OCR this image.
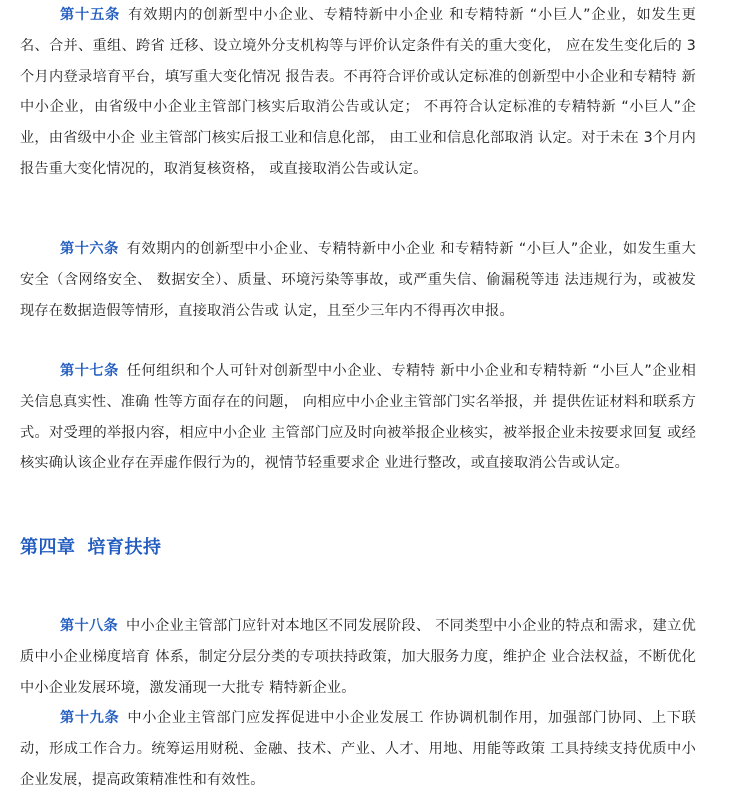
第十五条 有效期内的创新型中小企业、专精特新中小企业 和专精特新 “小巨人”企业，如发生更名、合并、重组、跨省 迁移、设立境外分支机构等与评价认定条件有关的重大变化， 应在发生变化后的 3个月内登录培育平台，填写重大变化情况 报告表。不再符合评价或认定标准的创新型中小企业和专精特 新中小企业，由省级中小企业主管部门核实后取消公告或认定； 不再符合认定标准的专精特新 “小巨人”企业，由省级中小企 业主管部门核实后报工业和信息化部， 由工业和信息化部取消 认定。对于未在 3个月内报告重大变化情况的，取消复核资格， 或直接取消公告或认定。

第十六条 有效期内的创新型中小企业、专精特新中小企业 和专精特新 “小巨人”企业，如发生重大安全（含网络安全、 数据安全）、质量、环境污染等事故，或严重失信、偷漏税等违 法违规行为，或被发现存在数据造假等情形，直接取消公告或 认定，且至少三年内不得再次申报。

第十七条 任何组织和个人可针对创新型中小企业、专精特 新中小企业和专精特新 “小巨人”企业相关信息真实性、准确 性等方面存在的问题， 向相应中小企业主管部门实名举报，并 提供佐证材料和联系方式。对受理的举报内容，相应中小企业 主管部门应及时向被举报企业核实，被举报企业未按要求回复 或经核实确认该企业存在弄虚作假行为的，视情节轻重要求企 业进行整改，或直接取消公告或认定。

第四章 培育扶持

第十八条 中小企业主管部门应针对本地区不同发展阶段、 不同类型中小企业的特点和需求，建立优质中小企业梯度培育 体系，制定分层分类的专项扶持政策，加大服务力度，维护企 业合法权益，不断优化中小企业发展环境，激发涌现一大批专 精特新企业。

第十九条 中小企业主管部门应发挥促进中小企业发展工 作协调机制作用，加强部门协同、上下联动，形成工作合力。统筹运用财税、金融、技术、产业、人才、用地、用能等政策 工具持续支持优质中小企业发展，提高政策精准性和有效性。
